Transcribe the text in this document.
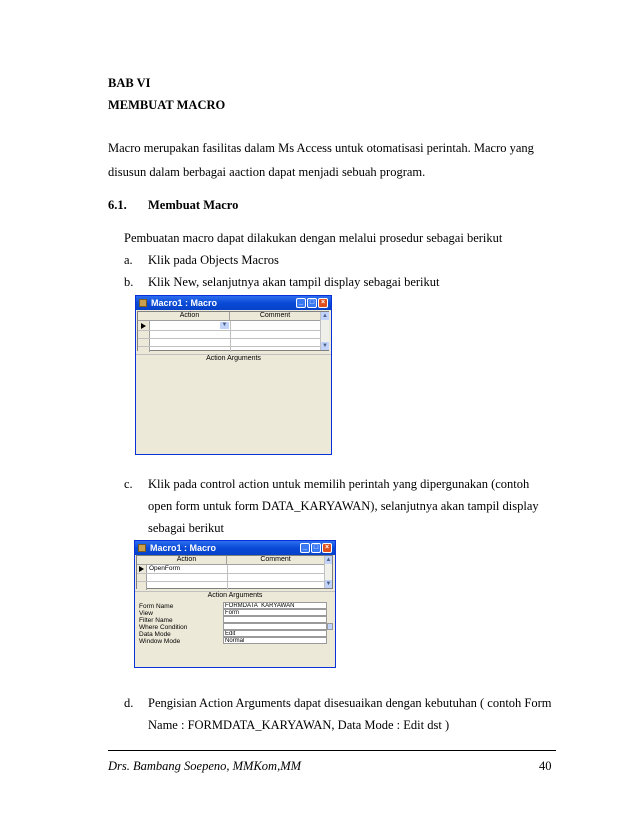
BAB VI
MEMBUAT MACRO
Macro merupakan fasilitas dalam Ms Access untuk otomatisasi perintah. Macro yang
disusun dalam berbagai aaction dapat menjadi sebuah program.
6.1. Membuat Macro
Pembuatan macro dapat dilakukan dengan melalui prosedur sebagai berikut
a. Klik pada Objects Macros
b. Klik New, selanjutnya akan tampil display sebagai berikut
Macro1 : Macro	_ □ ×
Action	Comment
▼
▲
▼
Action Arguments
c. Klik pada control action untuk memilih perintah yang dipergunakan (contoh
open form untuk form DATA_KARYAWAN), selanjutnya akan tampil display
sebagai berikut
Macro1 : Macro	_ □ ×
Action	Comment
OpenForm
▲
▼
Action Arguments
Form Name	FORMDATA_KARYAWAN
View	Form
Filter Name
Where Condition
Data Mode	Edit
Window Mode	Normal
d. Pengisian Action Arguments dapat disesuaikan dengan kebutuhan ( contoh Form
Name : FORMDATA_KARYAWAN, Data Mode : Edit dst )
Drs. Bambang Soepeno, MMKom,MM	40
